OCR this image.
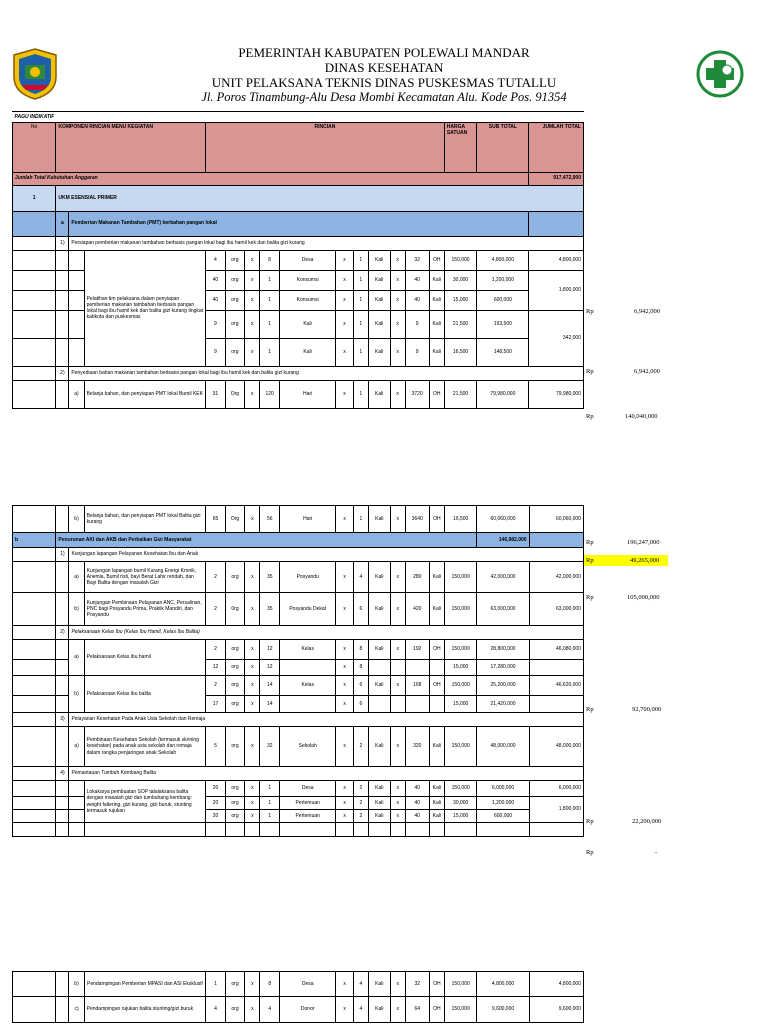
PEMERINTAH KABUPATEN POLEWALI MANDAR
DINAS KESEHATAN
UNIT PELAKSANA TEKNIS DINAS PUSKESMAS TUTALLU
Jl. Poros Tinambung-Alu Desa Mombi Kecamatan Alu. Kode Pos. 91354
PAGU INDIKATIF																	
No	KOMPONEN RINCIAN MENU KEGIATAN			RINCIAN											HARGA SATUAN	SUB TOTAL	JUMLAH TOTAL
Jumlah Total Kebutuhan Anggaran																	917,472,000
1	UKM ESENSIAL PRIMER																
	a	Pemberian Makanan Tambahan (PMT) berbahan pangan lokal															
	1)	Persiapan pemberian makanan tambahan berbasis pangan lokal bagi ibu hamil kek dan balita gizi kurang															
			Pelatihan tim pelaksana dalam penyiapan pemberian makanan tambahan berbasis pangan lokal bagi ibu hamil kek dan balita gizi kurang tingkat kabkota dan puskesmas	4	org	x	8	Desa	x	1	Kali	x	32	OH	150,000	4,800,000	4,800,000
				40	org	x	1	Konsumsi	x	1	Kali	x	40	Kali	30,000	1,200,000	1,800,000
				40	org	x	1	Konsumsi	x	1	Kali	x	40	Kali	15,000	600,000	
				9	org	x	1	Kali	x	1	Kali	x	9	Kali	21,500	193,500	342,000
				9	org	x	1	Kali	x	1	Kali	x	9	Kali	16,500	148,500	
	2)	Penyediaan bahan makanan tambahan berbasis pangan lokal bagi ibu hamil kek dan balita gizi kurang															
		a)	Belanja bahan, dan penyiapan PMT lokal Bumil KEK	31	Org	x	120	Hari	x	1	Kali	x	3720	OH	21,500	79,980,000	79,980,000
		b)	Belanja bahan, dan penyiapan PMT lokal Balita gizi kurang	65	Org	x	56	Hari	x	1	Kali	x	3640	OH	16,500	60,060,000	60,060,000
b	Penurunan AKI dan AKB dan Perbaikan Gizi Masyarakat															146,982,000	
	1)	Kunjungan lapangan Pelayanan Kesehatan Ibu dan Anak															
		a)	Kunjungan lapangan bumil Kurang Energi Kronik, Anemia, Bumil risti, bayi Berat Lahir rendah, dan Bayi Balita dengan masalah Gizi	2	org	x	35	Posyandu	x	4	Kali	x	280	Kali	150,000	42,000,000	42,000,000
		b)	Kunjungan Pembinaan Pelayanan ANC, Persalinan, PNC bagi Posyandu Prima, Prakiik Mandiri, dan Posyandu	2	0rg	x	35	Posyandu Dekat	x	6	Kali	x	420	Kali	150,000	63,000,000	63,000,000
	2)	Pelaksanaan Kelas Ibu (Kelas Ibu Hamil, Kelas Ibu Balita)															
		a)	Pelaksanaan Kelas ibu hamil	2	org	x	12	Kelas	x	8	Kali	x	192	OH	150,000	28,800,000	46,080,000
				12	org	x	12		x	8					15,000	17,280,000	
		b)	Pelaksanaan Kelas ibu balita	2	org	x	14	Kelas	x	6	Kali	x	168	OH	150,000	25,200,000	46,620,000
				17	org	x	14		x	6					15,000	21,420,000	
	3)	Pelayanan Kesehatan Pada Anak Usia Sekolah dan Remaja															
		a)	Pembinaan Kesehatan Sekolah (termasuk skrining kesehatan) pada anak usia sekolah dan remaja dalam rangka penjaringan anak Sekolah	5	org	x	32	Sekolah	x	2	Kali	x	320	Kali	150,000	48,000,000	48,000,000
	4)	Pemantauan Tumbuh Kembang Balita															
			Lokakarya pembuatan SOP tatalaksana balita dengan masalah gizi dan tumbuhang kembang: weight faltering, gizi kurang, gizi buruk, stunting termasuk rujukan	20	org	x	1	Desa	x	2	Kali	x	40	Kali	150,000	6,000,000	6,000,000
				20	org	x	1	Pertemuan	x	2	Kali	x	40	Kali	30,000	1,200,000	1,800,000
				20	org	x	1	Pertemuan	x	2	Kali	x	40	Kali	15,000	600,000	

		b)	Pendampingan Pemberian MPASI dan ASI Eksklusif	1	org	x	8	Desa	x	4	Kali	x	32	OH	150,000	4,800,000	4,800,000
		c)	Pendampingan rujukan balita stunting/gizi buruk	4	org	x	4	Donor	x	4	Kali	x	64	OH	150,000	9,600,000	9,600,000
Rp	6,942,000
Rp	6,942,000
Rp	140,040,000
Rp	196,247,000
Rp	49,265,000
Rp	105,000,000
Rp	92,700,000
Rp	22,200,000
Rp	-
